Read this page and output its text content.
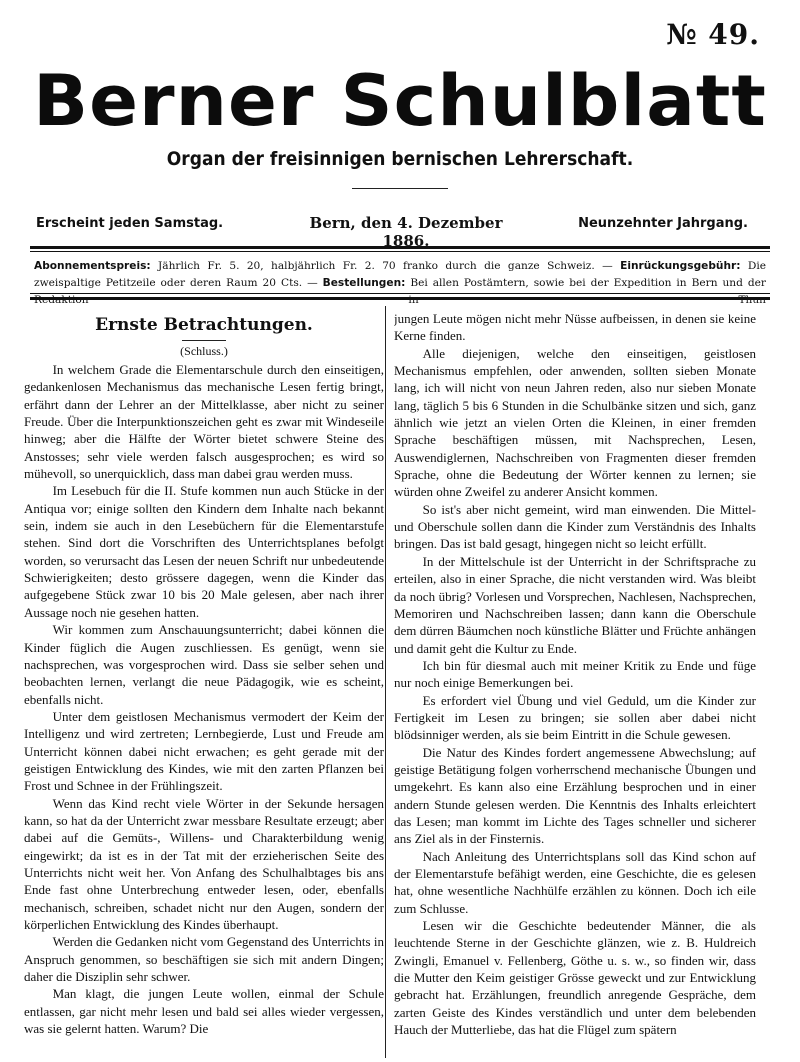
№ 49.
Berner Schulblatt
Organ der freisinnigen bernischen Lehrerschaft.
Erscheint jeden Samstag.	Bern, den 4. Dezember 1886.
Neunzehnter Jahrgang.
Abonnementspreis: Jährlich Fr. 5. 20, halbjährlich Fr. 2. 70 franko durch die ganze Schweiz. — Einrückungsgebühr: Die zweispaltige Petitzeile oder deren Raum 20 Cts. — Bestellungen: Bei allen Postämtern, sowie bei der Expedition in Bern und der Redaktion in Thun
Ernste Betrachtungen.
(Schluss.)

In welchem Grade die Elementarschule durch den einseitigen, gedankenlosen Mechanismus das mechanische Lesen fertig bringt, erfährt dann der Lehrer an der Mittelklasse, aber nicht zu seiner Freude. Über die Interpunktionszeichen geht es zwar mit Windeseile hinweg; aber die Hälfte der Wörter bietet schwere Steine des Anstosses; sehr viele werden falsch ausgesprochen; es wird so mühevoll, so unerquicklich, dass man dabei grau werden muss.

Im Lesebuch für die II. Stufe kommen nun auch Stücke in der Antiqua vor; einige sollten den Kindern dem Inhalte nach bekannt sein, indem sie auch in den Lesebüchern für die Elementarstufe stehen. Sind dort die Vorschriften des Unterrichtsplanes befolgt worden, so verursacht das Lesen der neuen Schrift nur unbedeutende Schwierigkeiten; desto grössere dagegen, wenn die Kinder das aufgegebene Stück zwar 10 bis 20 Male gelesen, aber nach ihrer Aussage noch nie gesehen hatten.

Wir kommen zum Anschauungsunterricht; dabei können die Kinder füglich die Augen zuschliessen. Es genügt, wenn sie nachsprechen, was vorgesprochen wird. Dass sie selber sehen und beobachten lernen, verlangt die neue Pädagogik, wie es scheint, ebenfalls nicht.

Unter dem geistlosen Mechanismus vermodert der Keim der Intelligenz und wird zertreten; Lernbegierde, Lust und Freude am Unterricht können dabei nicht erwachen; es geht gerade mit der geistigen Entwicklung des Kindes, wie mit den zarten Pflanzen bei Frost und Schnee in der Frühlingszeit.

Wenn das Kind recht viele Wörter in der Sekunde hersagen kann, so hat da der Unterricht zwar messbare Resultate erzeugt; aber dabei auf die Gemüts-, Willens- und Charakterbildung wenig eingewirkt; da ist es in der Tat mit der erzieherischen Seite des Unterrichts nicht weit her. Von Anfang des Schulhalbtages bis ans Ende fast ohne Unterbrechung entweder lesen, oder, ebenfalls mechanisch, schreiben, schadet nicht nur den Augen, sondern der körperlichen Entwicklung des Kindes überhaupt.

Werden die Gedanken nicht vom Gegenstand des Unterrichts in Anspruch genommen, so beschäftigen sie sich mit andern Dingen; daher die Disziplin sehr schwer.

Man klagt, die jungen Leute wollen, einmal der Schule entlassen, gar nicht mehr lesen und bald sei alles wieder vergessen, was sie gelernt hatten. Warum? Die

jungen Leute mögen nicht mehr Nüsse aufbeissen, in denen sie keine Kerne finden.

Alle diejenigen, welche den einseitigen, geistlosen Mechanismus empfehlen, oder anwenden, sollten sieben Monate lang, ich will nicht von neun Jahren reden, also nur sieben Monate lang, täglich 5 bis 6 Stunden in die Schulbänke sitzen und sich, ganz ähnlich wie jetzt an vielen Orten die Kleinen, in einer fremden Sprache beschäftigen müssen, mit Nachsprechen, Lesen, Auswendiglernen, Nachschreiben von Fragmenten dieser fremden Sprache, ohne die Bedeutung der Wörter kennen zu lernen; sie würden ohne Zweifel zu anderer Ansicht kommen.

So ist's aber nicht gemeint, wird man einwenden. Die Mittel- und Oberschule sollen dann die Kinder zum Verständnis des Inhalts bringen. Das ist bald gesagt, hingegen nicht so leicht erfüllt.

In der Mittelschule ist der Unterricht in der Schriftsprache zu erteilen, also in einer Sprache, die nicht verstanden wird. Was bleibt da noch übrig? Vorlesen und Vorsprechen, Nachlesen, Nachsprechen, Memoriren und Nachschreiben lassen; dann kann die Oberschule dem dürren Bäumchen noch künstliche Blätter und Früchte anhängen und damit geht die Kultur zu Ende.

Ich bin für diesmal auch mit meiner Kritik zu Ende und füge nur noch einige Bemerkungen bei.

Es erfordert viel Übung und viel Geduld, um die Kinder zur Fertigkeit im Lesen zu bringen; sie sollen aber dabei nicht blödsinniger werden, als sie beim Eintritt in die Schule gewesen.

Die Natur des Kindes fordert angemessene Abwechslung; auf geistige Betätigung folgen vorherrschend mechanische Übungen und umgekehrt. Es kann also eine Erzählung besprochen und in einer andern Stunde gelesen werden. Die Kenntnis des Inhalts erleichtert das Lesen; man kommt im Lichte des Tages schneller und sicherer ans Ziel als in der Finsternis.

Nach Anleitung des Unterrichtsplans soll das Kind schon auf der Elementarstufe befähigt werden, eine Geschichte, die es gelesen hat, ohne wesentliche Nachhülfe erzählen zu können. Doch ich eile zum Schlusse.

Lesen wir die Geschichte bedeutender Männer, die als leuchtende Sterne in der Geschichte glänzen, wie z. B. Huldreich Zwingli, Emanuel v. Fellenberg, Göthe u. s. w., so finden wir, dass die Mutter den Keim geistiger Grösse geweckt und zur Entwicklung gebracht hat. Erzählungen, freundlich anregende Gespräche, dem zarten Geiste des Kindes verständlich und unter dem belebenden Hauch der Mutterliebe, das hat die Flügel zum spätern
